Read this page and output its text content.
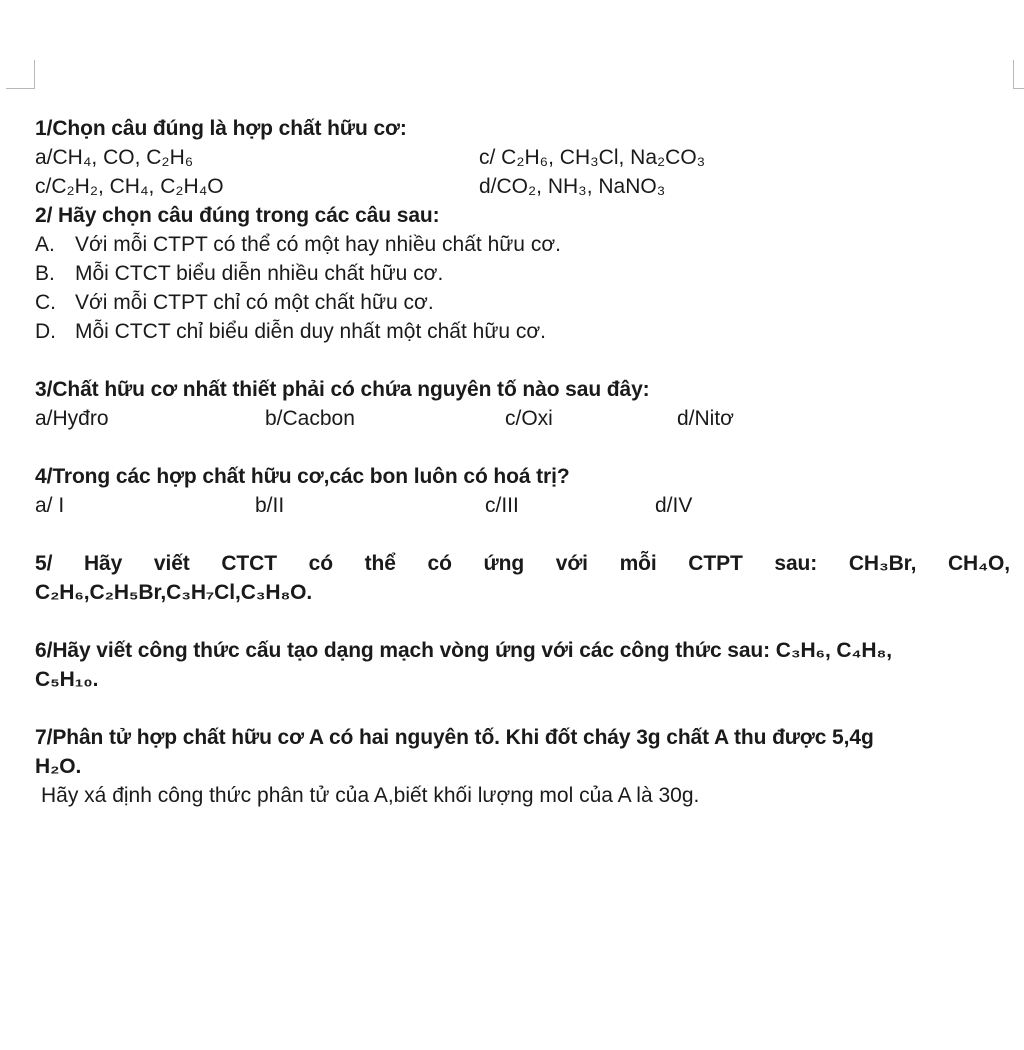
1/Chọn câu đúng là hợp chất hữu cơ:
a/CH₄, CO, C₂H₆	c/ C₂H₆, CH₃Cl, Na₂CO₃
c/C₂H₂, CH₄, C₂H₄O	d/CO₂, NH₃, NaNO₃
2/ Hãy chọn câu đúng trong các câu sau:
A. Với mỗi CTPT có thể có một hay nhiều chất hữu cơ.
B. Mỗi CTCT biểu diễn nhiều chất hữu cơ.
C. Với mỗi CTPT chỉ có một chất hữu cơ.
D. Mỗi CTCT chỉ biểu diễn duy nhất một chất hữu cơ.
3/Chất hữu cơ nhất thiết phải có chứa nguyên tố nào sau đây:
a/Hyđro	b/Cacbon	c/Oxi	d/Nitơ
4/Trong các hợp chất hữu cơ,các bon luôn có hoá trị?
a/ I	b/II	c/III	d/IV
5/ Hãy viết CTCT có thể có ứng với mỗi CTPT sau: CH₃Br, CH₄O,
C₂H₆,C₂H₅Br,C₃H₇Cl,C₃H₈O.
6/Hãy viết công thức cấu tạo dạng mạch vòng ứng với các công thức sau: C₃H₆, C₄H₈,
C₅H₁₀.
7/Phân tử hợp chất hữu cơ A có hai nguyên tố. Khi đốt cháy 3g chất A thu được 5,4g
H₂O.
Hãy xá định công thức phân tử của A,biết khối lượng mol của A là 30g.
